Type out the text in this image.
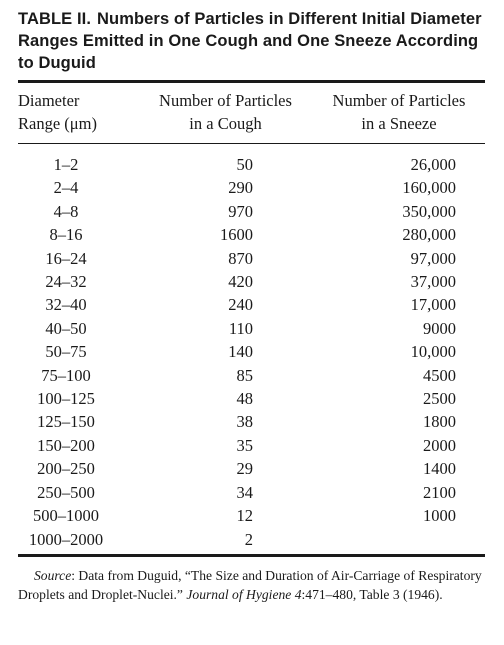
TABLE II. Numbers of Particles in Different Initial Diameter Ranges Emitted in One Cough and One Sneeze According to Duguid
Diameter	Number of Particles	Number of Particles
Range (μm)	in a Cough	in a Sneeze

1–2	50	26,000
2–4	290	160,000
4–8	970	350,000
8–16	1600	280,000
16–24	870	97,000
24–32	420	37,000
32–40	240	17,000
40–50	110	9000
50–75	140	10,000
75–100	85	4500
100–125	48	2500
125–150	38	1800
150–200	35	2000
200–250	29	1400
250–500	34	2100
500–1000	12	1000
1000–2000	2	
Source: Data from Duguid, “The Size and Duration of Air-Carriage of Respiratory Droplets and Droplet-Nuclei.” Journal of Hygiene 4:471–480, Table 3 (1946).
